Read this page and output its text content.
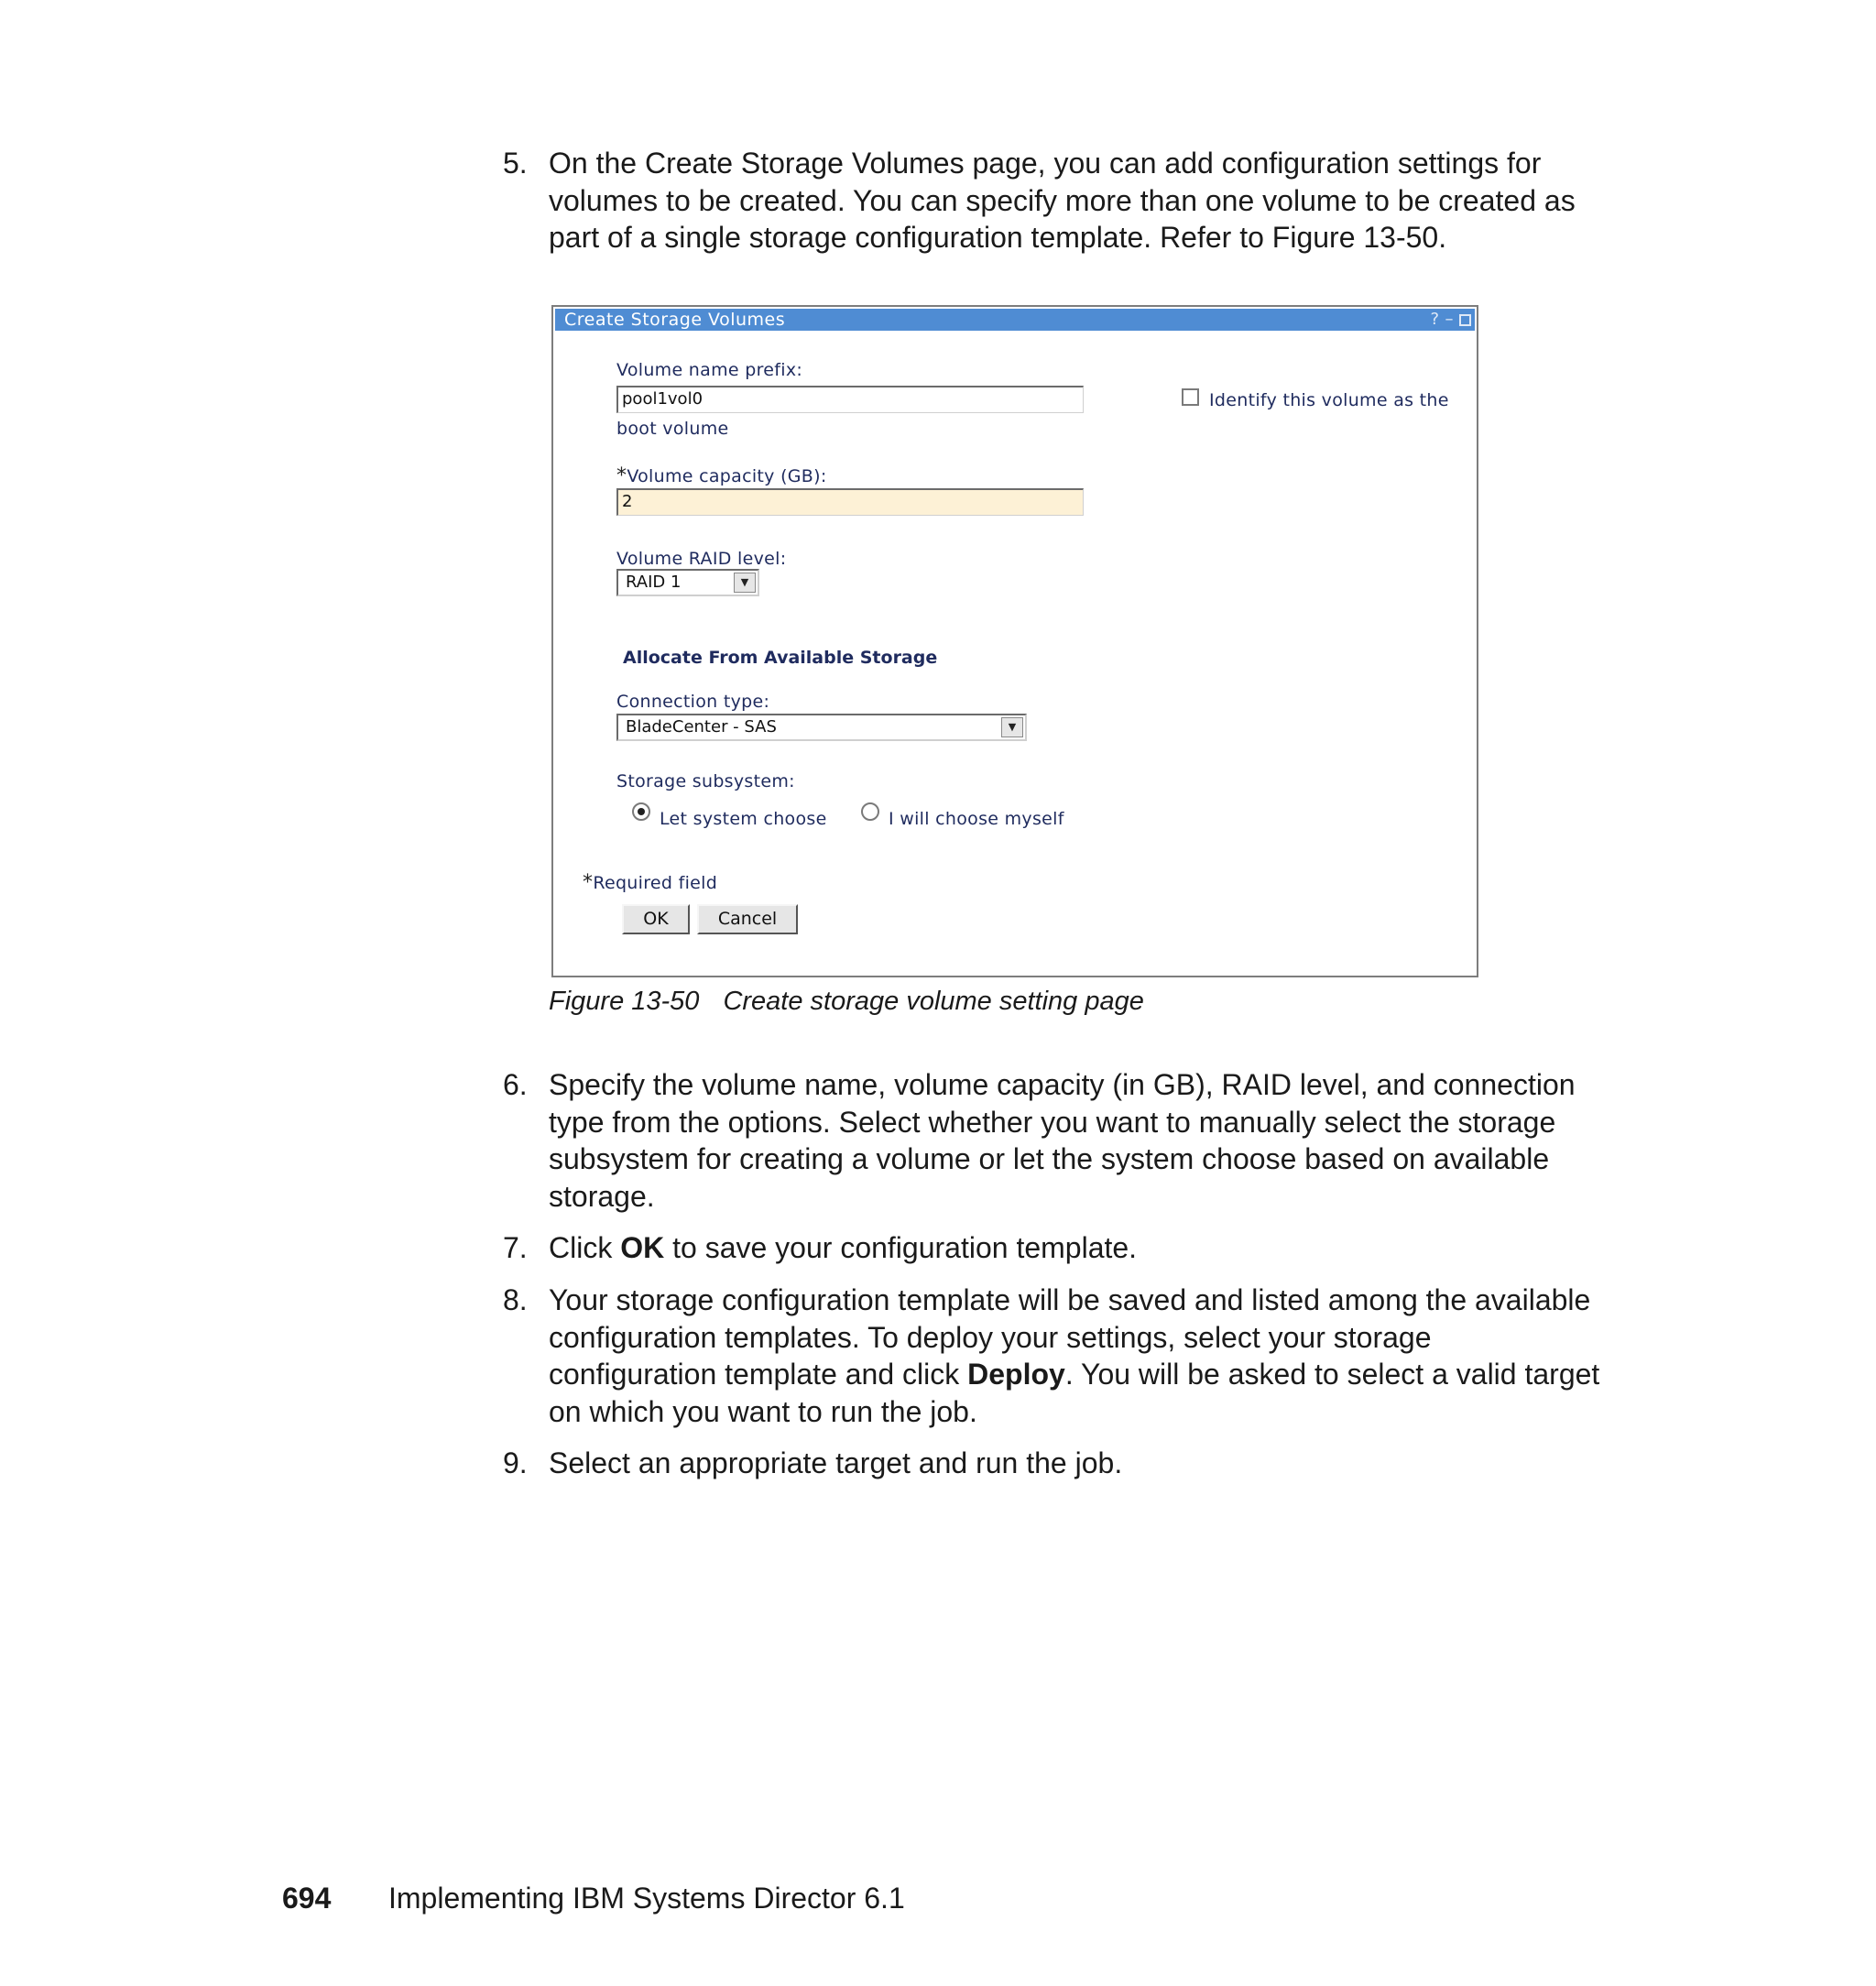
5. On the Create Storage Volumes page, you can add configuration settings for volumes to be created. You can specify more than one volume to be created as part of a single storage configuration template. Refer to Figure 13-50.
Create Storage Volumes	? –
Volume name prefix:
pool1vol0	Identify this volume as the
boot volume
*Volume capacity (GB):
2
Volume RAID level:
RAID 1	▼
Allocate From Available Storage
Connection type:
BladeCenter - SAS	▼
Storage subsystem:
Let system choose	I will choose myself
*Required field
OK	Cancel
Figure 13-50 Create storage volume setting page
6. Specify the volume name, volume capacity (in GB), RAID level, and connection type from the options. Select whether you want to manually select the storage subsystem for creating a volume or let the system choose based on available storage.
7. Click OK to save your configuration template.
8. Your storage configuration template will be saved and listed among the available configuration templates. To deploy your settings, select your storage configuration template and click Deploy. You will be asked to select a valid target on which you want to run the job.
9. Select an appropriate target and run the job.
694 Implementing IBM Systems Director 6.1
